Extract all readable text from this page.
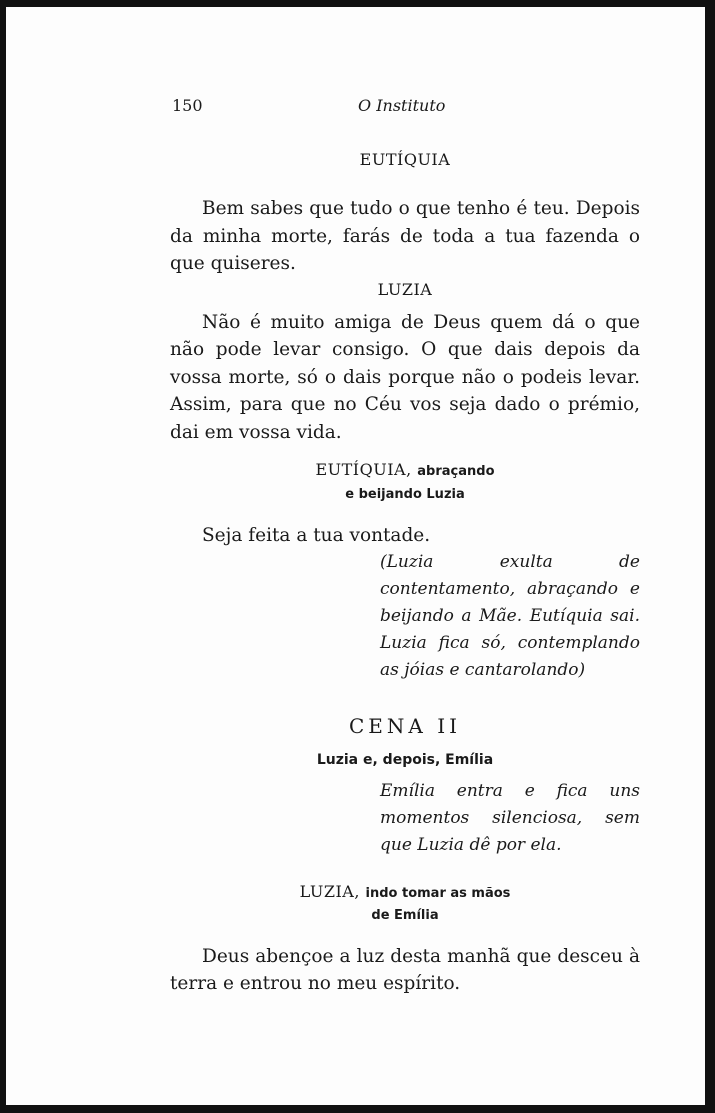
150	O Instituto
EUTÍQUIA

Bem sabes que tudo o que tenho é teu. Depois da minha morte, farás de toda a tua fazenda o que quiseres.

LUZIA

Não é muito amiga de Deus quem dá o que não pode levar consigo. O que dais depois da vossa morte, só o dais porque não o podeis levar. Assim, para que no Céu vos seja dado o prémio, dai em vossa vida.

EUTÍQUIA, abraçando
e beijando Luzia

Seja feita a tua vontade.

(Luzia exulta de contentamento, abraçando e beijando a Mãe. Eutíquia sai. Luzia fica só, contemplando as jóias e cantarolando)
CENA II
Luzia e, depois, Emília
Emília entra e fica uns momentos silenciosa, sem que Luzia dê por ela.
LUZIA, indo tomar as mãos
de Emília

Deus abençoe a luz desta manhã que desceu à terra e entrou no meu espírito.
